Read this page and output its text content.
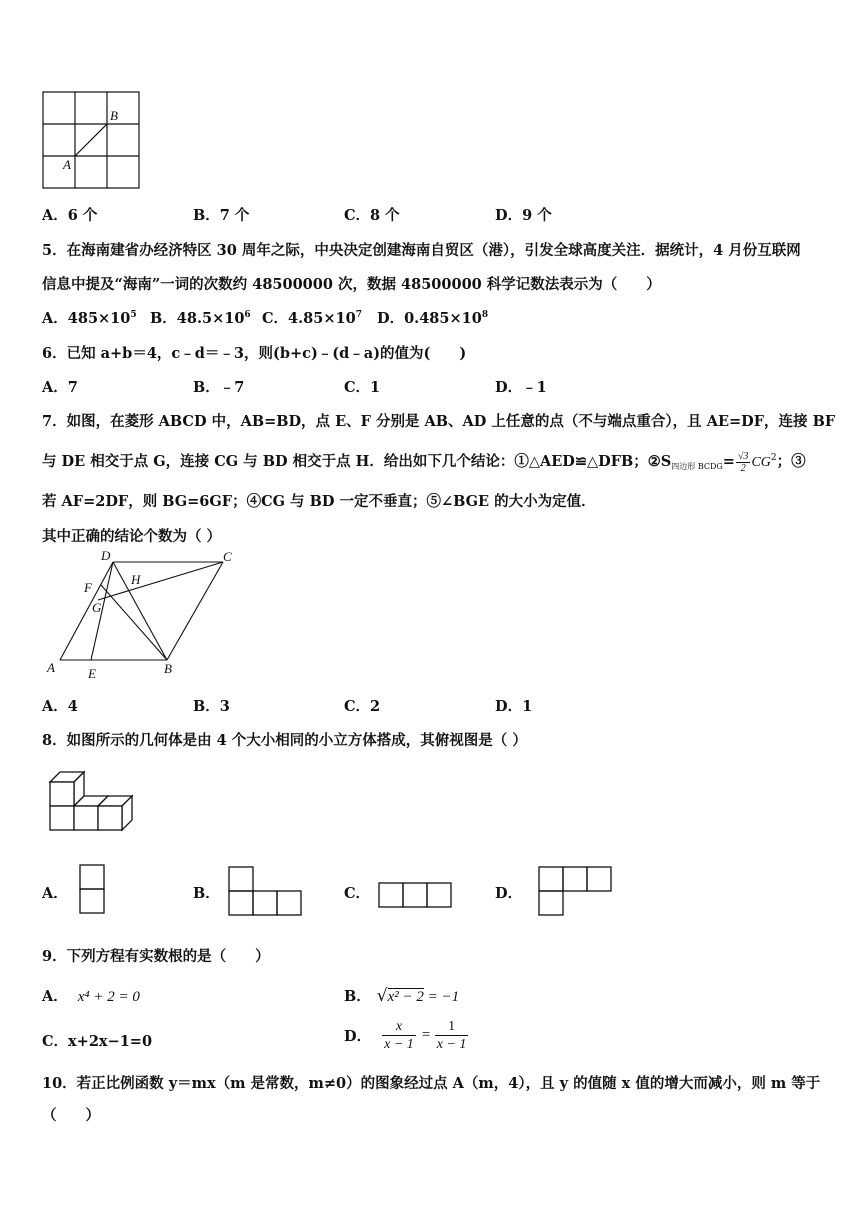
B
A
A．6 个	B．7 个	C．8 个	D．9 个
5．在海南建省办经济特区 30 周年之际，中央决定创建海南自贸区（港），引发全球高度关注．据统计，4 月份互联网
信息中提及“海南”一词的次数约 48500000 次，数据 48500000 科学记数法表示为（　　）
A．$485\times 10^5$ B．$48.5\times 10^6$ C．$4.85\times 10^7$ D．$0.485\times 10^8$
6．已知 a+b＝4，c﹣d＝﹣3，则(b+c)﹣(d﹣a)的值为(　　)
A．7	B．﹣7	C．1	D．﹣1
7．如图，在菱形 ABCD 中，AB=BD，点 E、F 分别是 AB、AD 上任意的点（不与端点重合），且 AE=DF，连接 BF
与 DE 相交于点 G，连接 CG 与 BD 相交于点 H．给出如下几个结论：①△AED≌△DFB；$②S_{四边形 BCDG}= \frac{√3}{2} CG^2$；③
若 AF=2DF，则 BG=6GF；④CG 与 BD 一定不垂直；⑤∠BGE 的大小为定值．
其中正确的结论个数为（ ）
D	C
H
F
G
A	E	B
A．4	B．3	C．2	D．1
8．如图所示的几何体是由 4 个大小相同的小立方体搭成，其俯视图是（ ）
A．	B．	C．	D．
9．下列方程有实数根的是（　　）
A． x⁴ + 2 = 0	B． √x² − 2 = −1
C．x+2x−1=0	D． $\frac{x}{x - 1} = \frac{1}{x - 1}$
10．若正比例函数 y＝mx（m 是常数，m≠0）的图象经过点 A（m，4），且 y 的值随 x 值的增大而减小，则 m 等于
（　　）
